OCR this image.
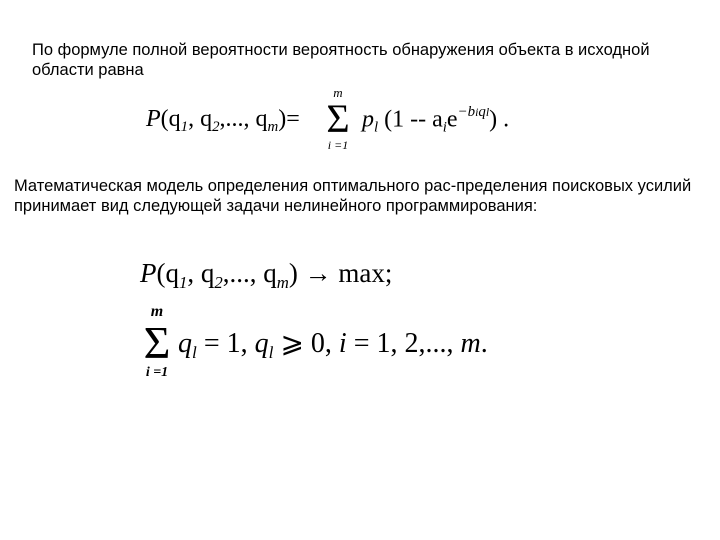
По формуле полной вероятности вероятность обнаружения объекта в исходной области равна

$P(q_1$, $q_2$,..., $q_m)=$
m
Σ
i =1
$p_l$ $(1 -- a_ie^{-biql})$ .

Математическая модель определения оптимального рас-пределения поисковых усилий принимает вид следующей задачи нелинейного программирования:

$P(q_1$, $q_2$,..., $q_m) \to \max$;
m
Σ
i =1
$q_l = 1$, $q_l$ ⩾ 0, i = 1, 2,..., m.
